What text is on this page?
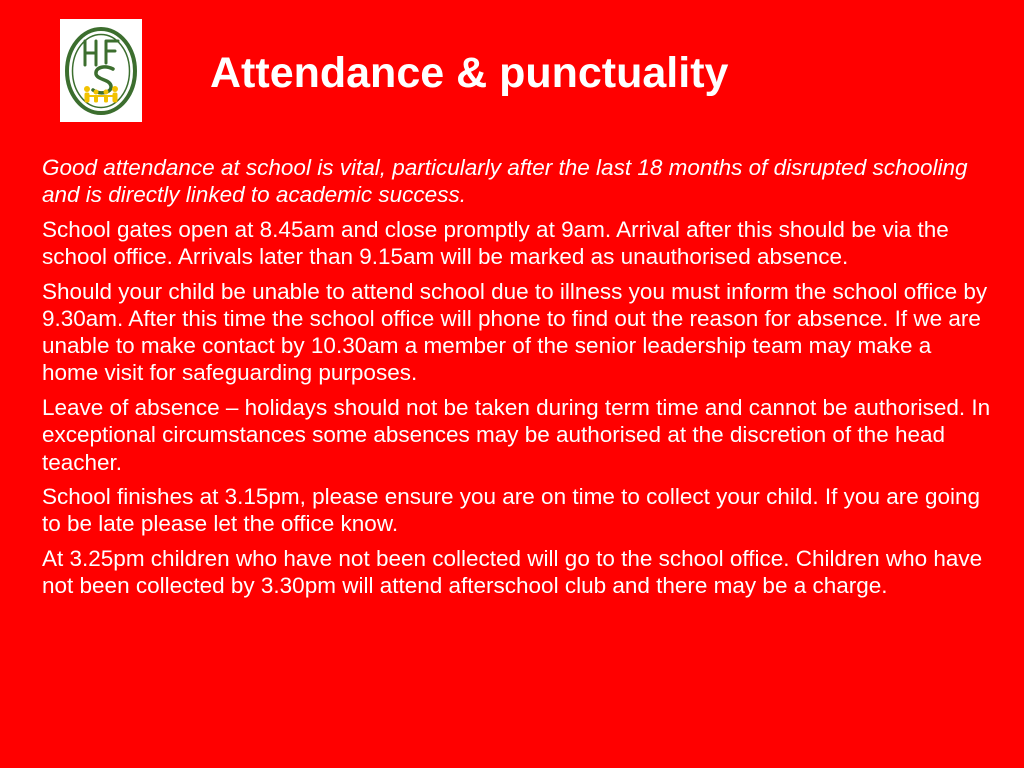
Attendance & punctuality

Good attendance at school is vital, particularly after the last 18 months of disrupted schooling and is directly linked to academic success.

School gates open at 8.45am and close promptly at 9am. Arrival after this should be via the school office. Arrivals later than 9.15am will be marked as unauthorised absence.

Should your child be unable to attend school due to illness you must inform the school office by 9.30am. After this time the school office will phone to find out the reason for absence. If we are unable to make contact by 10.30am a member of the senior leadership team may make a home visit for safeguarding purposes.

Leave of absence – holidays should not be taken during term time and cannot be authorised. In exceptional circumstances some absences may be authorised at the discretion of the head teacher.

School finishes at 3.15pm, please ensure you are on time to collect your child. If you are going to be late please let the office know.

At 3.25pm children who have not been collected will go to the school office. Children who have not been collected by 3.30pm will attend afterschool club and there may be a charge.
